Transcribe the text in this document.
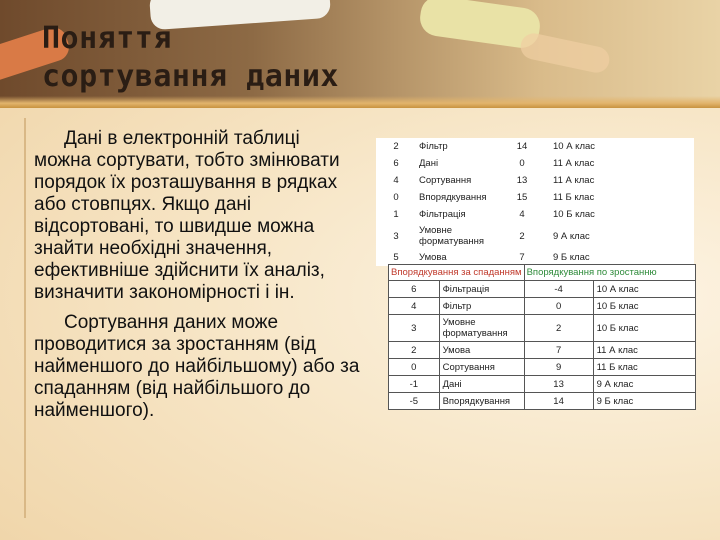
Поняття
сортування даних

Дані в електронній таблиці можна сортувати, тобто змінювати порядок їх розташування в рядках або стовпцях. Якщо дані відсортовані, то швидше можна знайти необхідні значення, ефективніше здійснити їх аналіз, визначити закономірності і ін.

Сортування даних може проводитися за зростанням (від найменшого до найбільшому) або за спаданням (від найбільшого до найменшого).

2	Фільтр	14	10 А клас
6	Дані	0	11 А клас
4	Сортування	13	11 А клас
0	Впорядкування	15	11 Б клас
1	Фільтрація	4	10 Б клас
3	Умовне форматування	2	9 А клас
5	Умова	7	9 Б клас
Впорядкування за спаданням		Впорядкування по зростанню	
6	Фільтрація	-4	10 А клас
4	Фільтр	0	10 Б клас
3	Умовне форматування	2	10 Б клас
2	Умова	7	11 А клас
0	Сортування	9	11 Б клас
-1	Дані	13	9 А клас
-5	Впорядкування	14	9 Б клас
